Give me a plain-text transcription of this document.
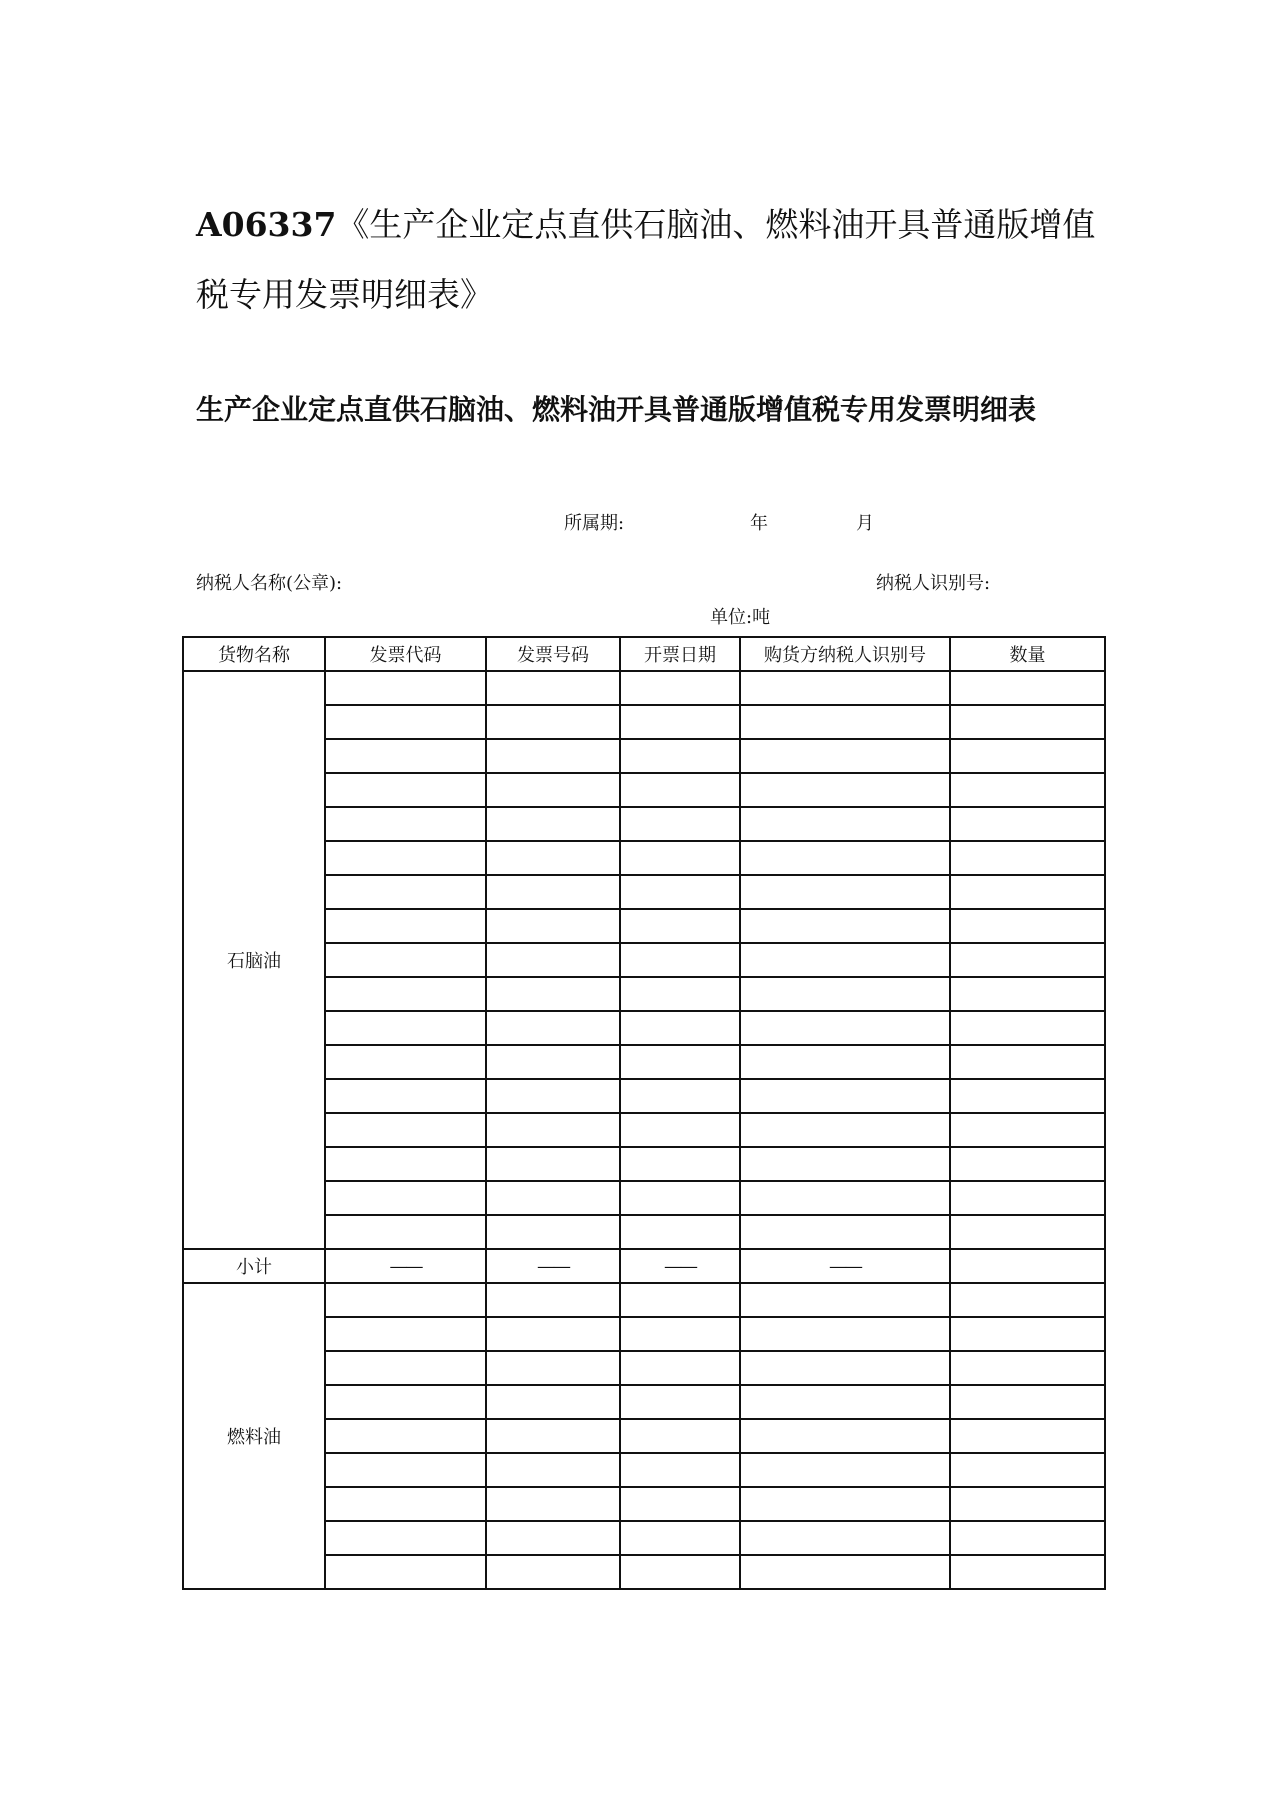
A06337《生产企业定点直供石脑油、燃料油开具普通版增值税专用发票明细表》
生产企业定点直供石脑油、燃料油开具普通版增值税专用发票明细表
所属期:	年	月
纳税人名称(公章):	纳税人识别号:
单位:吨
货物名称	发票代码	发票号码	开票日期	购货方纳税人识别号	数量
石脑油					

小计	——	——	——	——	
燃料油					
